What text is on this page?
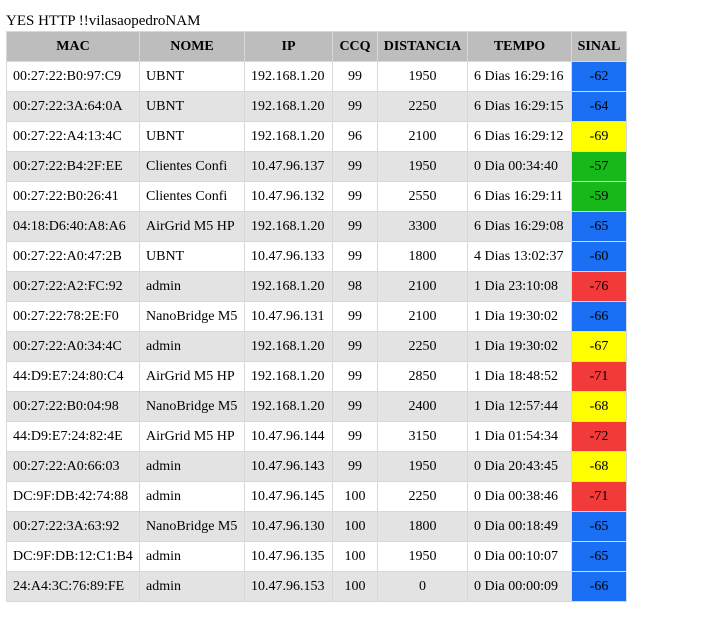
YES HTTP !!vilasaopedroNAM
MAC	NOME	IP	CCQ	DISTANCIA	TEMPO	SINAL
00:27:22:B0:97:C9	UBNT	192.168.1.20	99	1950	6 Dias 16:29:16	-62
00:27:22:3A:64:0A	UBNT	192.168.1.20	99	2250	6 Dias 16:29:15	-64
00:27:22:A4:13:4C	UBNT	192.168.1.20	96	2100	6 Dias 16:29:12	-69
00:27:22:B4:2F:EE	Clientes Confi	10.47.96.137	99	1950	0 Dia 00:34:40	-57
00:27:22:B0:26:41	Clientes Confi	10.47.96.132	99	2550	6 Dias 16:29:11	-59
04:18:D6:40:A8:A6	AirGrid M5 HP	192.168.1.20	99	3300	6 Dias 16:29:08	-65
00:27:22:A0:47:2B	UBNT	10.47.96.133	99	1800	4 Dias 13:02:37	-60
00:27:22:A2:FC:92	admin	192.168.1.20	98	2100	1 Dia 23:10:08	-76
00:27:22:78:2E:F0	NanoBridge M5	10.47.96.131	99	2100	1 Dia 19:30:02	-66
00:27:22:A0:34:4C	admin	192.168.1.20	99	2250	1 Dia 19:30:02	-67
44:D9:E7:24:80:C4	AirGrid M5 HP	192.168.1.20	99	2850	1 Dia 18:48:52	-71
00:27:22:B0:04:98	NanoBridge M5	192.168.1.20	99	2400	1 Dia 12:57:44	-68
44:D9:E7:24:82:4E	AirGrid M5 HP	10.47.96.144	99	3150	1 Dia 01:54:34	-72
00:27:22:A0:66:03	admin	10.47.96.143	99	1950	0 Dia 20:43:45	-68
DC:9F:DB:42:74:88	admin	10.47.96.145	100	2250	0 Dia 00:38:46	-71
00:27:22:3A:63:92	NanoBridge M5	10.47.96.130	100	1800	0 Dia 00:18:49	-65
DC:9F:DB:12:C1:B4	admin	10.47.96.135	100	1950	0 Dia 00:10:07	-65
24:A4:3C:76:89:FE	admin	10.47.96.153	100	0	0 Dia 00:00:09	-66
